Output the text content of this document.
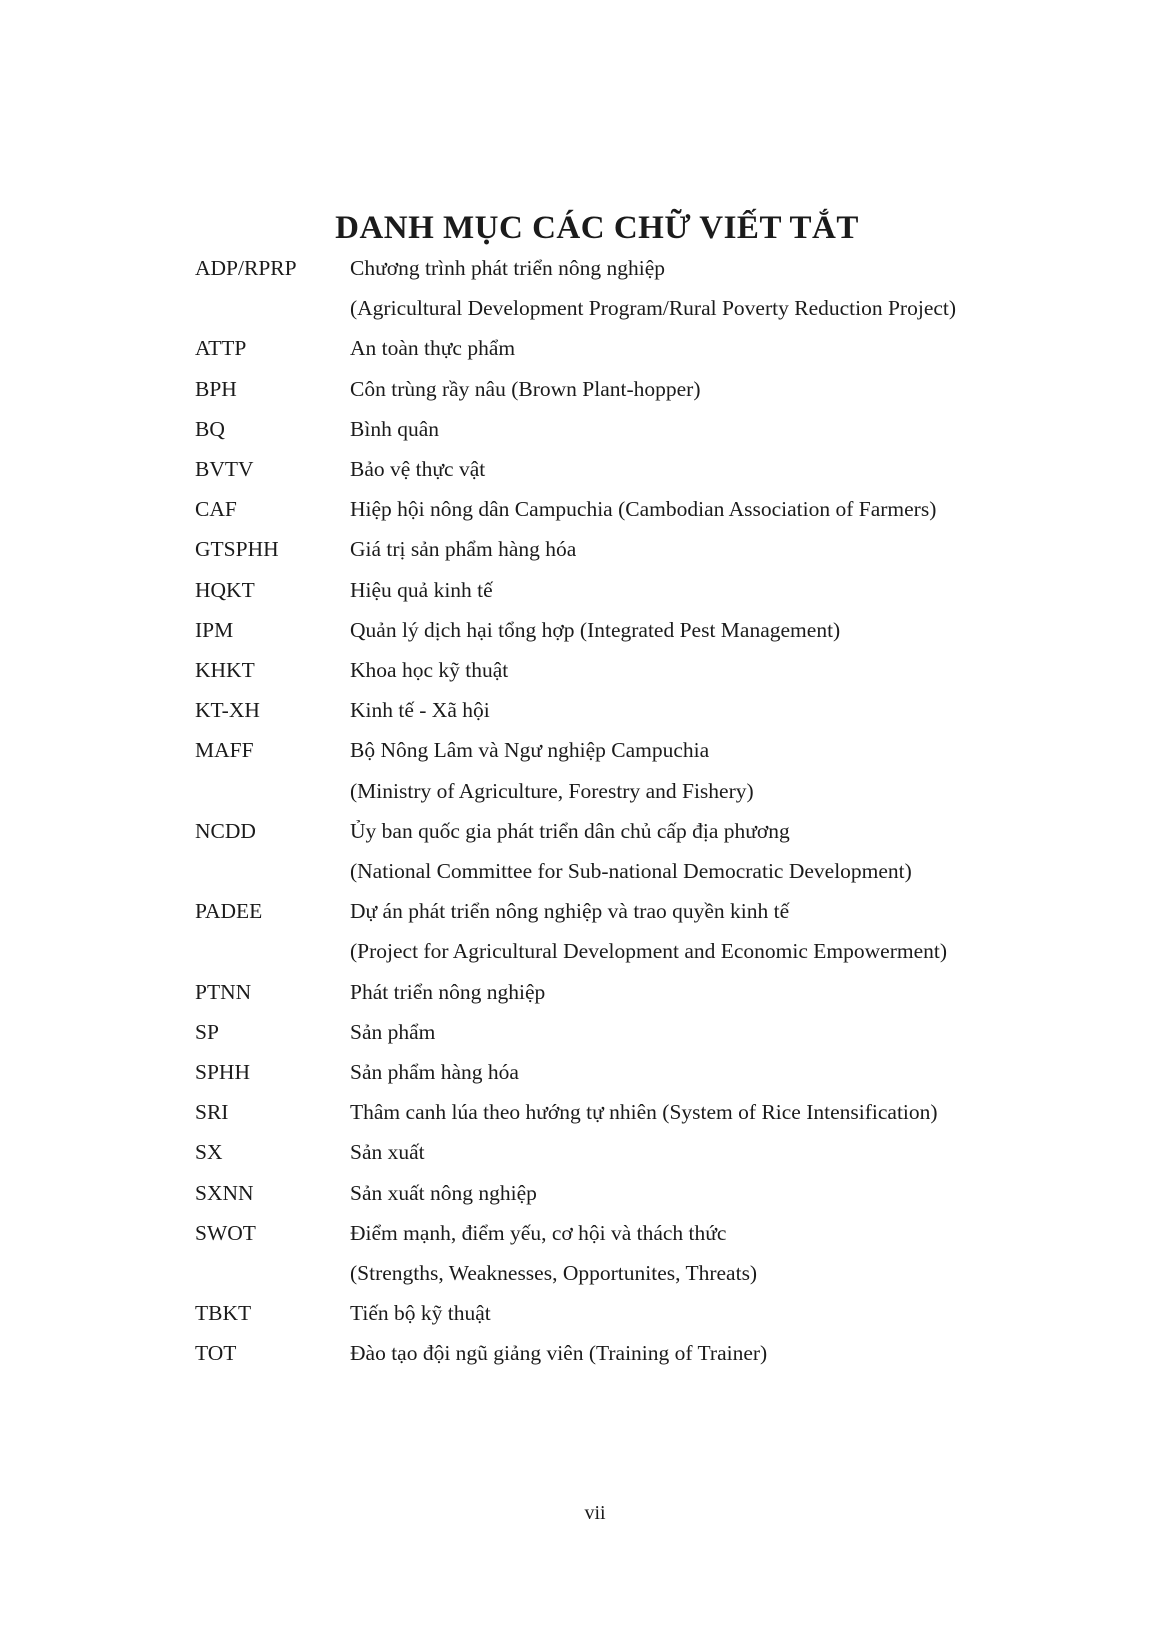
DANH MỤC CÁC CHỮ VIẾT TẮT
ADP/RPRP	Chương trình phát triển nông nghiệp
(Agricultural Development Program/Rural Poverty Reduction Project)
ATTP	An toàn thực phẩm
BPH	Côn trùng rầy nâu (Brown Plant-hopper)
BQ	Bình quân
BVTV	Bảo vệ thực vật
CAF	Hiệp hội nông dân Campuchia (Cambodian Association of Farmers)
GTSPHH	Giá trị sản phẩm hàng hóa
HQKT	Hiệu quả kinh tế
IPM	Quản lý dịch hại tổng hợp (Integrated Pest Management)
KHKT	Khoa học kỹ thuật
KT-XH	Kinh tế - Xã hội
MAFF	Bộ Nông Lâm và Ngư nghiệp Campuchia
(Ministry of Agriculture, Forestry and Fishery)
NCDD	Ủy ban quốc gia phát triển dân chủ cấp địa phương
(National Committee for Sub-national Democratic Development)
PADEE	Dự án phát triển nông nghiệp và trao quyền kinh tế
(Project for Agricultural Development and Economic Empowerment)
PTNN	Phát triển nông nghiệp
SP	Sản phẩm
SPHH	Sản phẩm hàng hóa
SRI	Thâm canh lúa theo hướng tự nhiên (System of Rice Intensification)
SX	Sản xuất
SXNN	Sản xuất nông nghiệp
SWOT	Điểm mạnh, điểm yếu, cơ hội và thách thức
(Strengths, Weaknesses, Opportunites, Threats)
TBKT	Tiến bộ kỹ thuật
TOT	Đào tạo đội ngũ giảng viên (Training of Trainer)
vii
